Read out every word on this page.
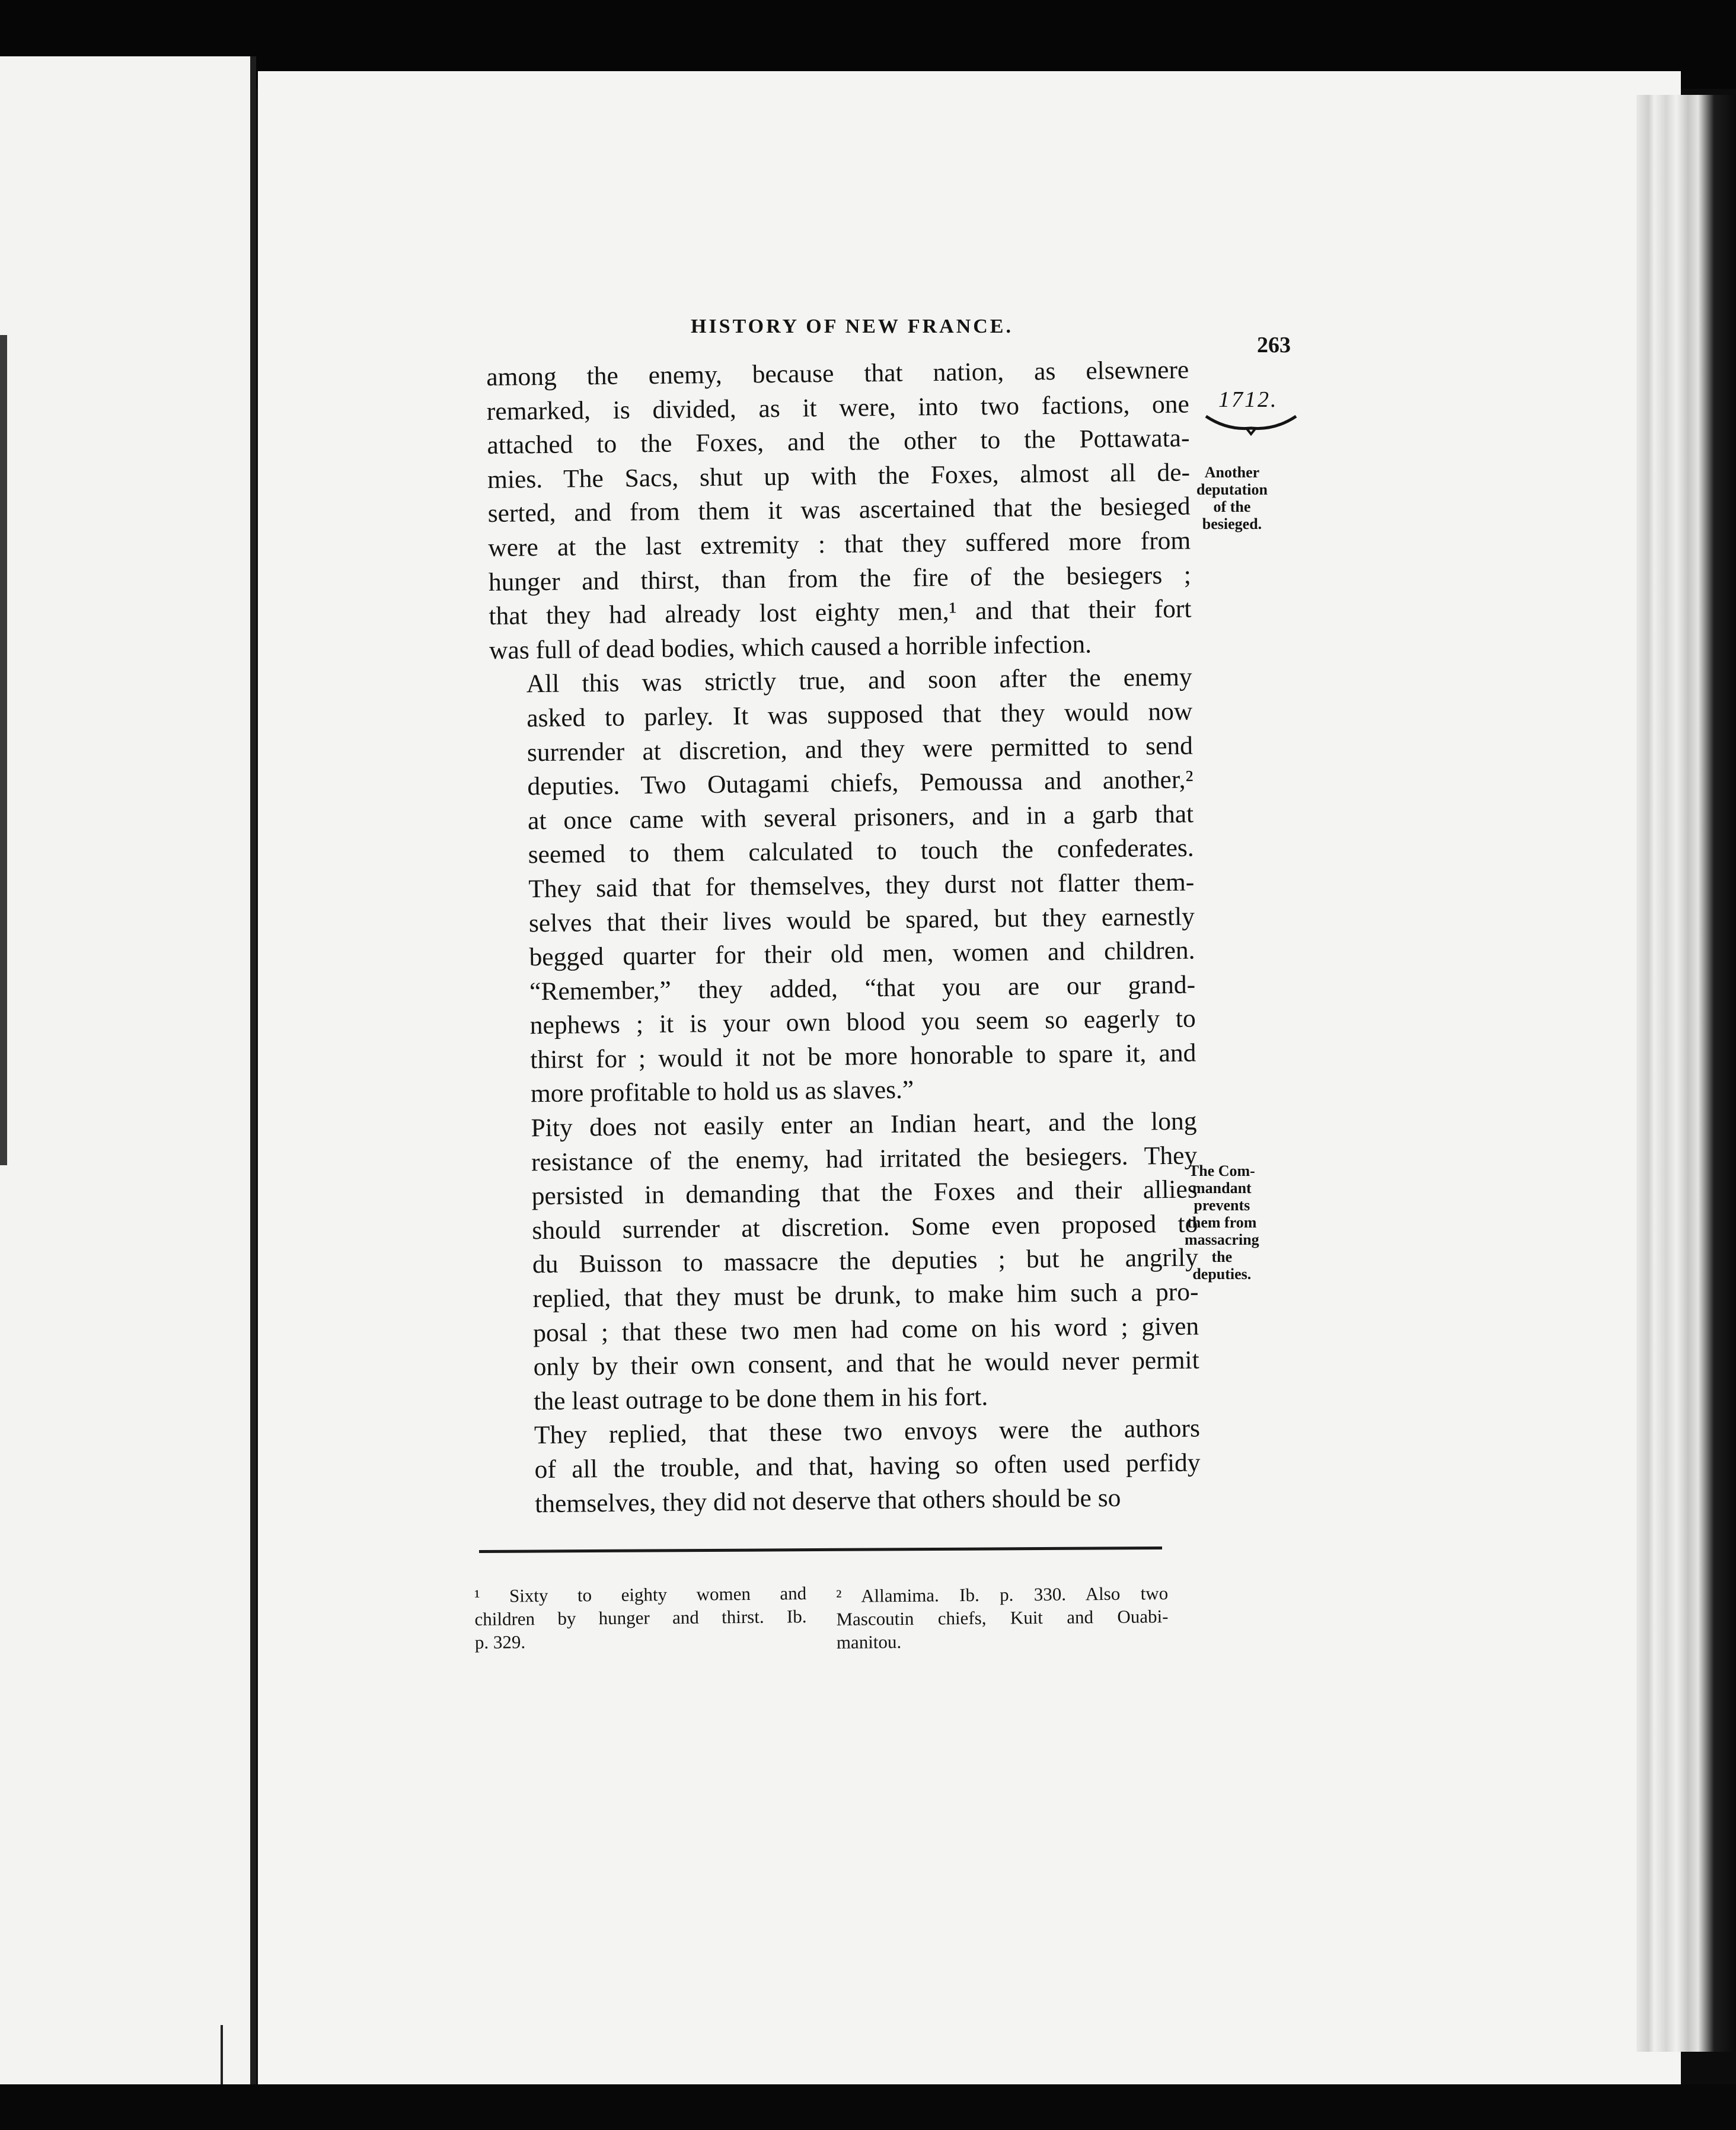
HISTORY OF NEW FRANCE.
263
1712.
Another
deputation
of the
besieged.
The Com-
mandant
prevents
them from
massacring
the
deputies.

among the enemy, because that nation, as elsewnere
remarked, is divided, as it were, into two factions, one
attached to the Foxes, and the other to the Pottawata-
mies. The Sacs, shut up with the Foxes, almost all de-
serted, and from them it was ascertained that the besieged
were at the last extremity : that they suffered more from
hunger and thirst, than from the fire of the besiegers ;
that they had already lost eighty men,¹ and that their fort
was full of dead bodies, which caused a horrible infection.

All this was strictly true, and soon after the enemy
asked to parley. It was supposed that they would now
surrender at discretion, and they were permitted to send
deputies. Two Outagami chiefs, Pemoussa and another,²
at once came with several prisoners, and in a garb that
seemed to them calculated to touch the confederates.
They said that for themselves, they durst not flatter them-
selves that their lives would be spared, but they earnestly
begged quarter for their old men, women and children.
“Remember,” they added, “that you are our grand-
nephews ; it is your own blood you seem so eagerly to
thirst for ; would it not be more honorable to spare it, and
more profitable to hold us as slaves.”

Pity does not easily enter an Indian heart, and the long
resistance of the enemy, had irritated the besiegers. They
persisted in demanding that the Foxes and their allies
should surrender at discretion. Some even proposed to
du Buisson to massacre the deputies ; but he angrily
replied, that they must be drunk, to make him such a pro-
posal ; that these two men had come on his word ; given
only by their own consent, and that he would never permit
the least outrage to be done them in his fort.

They replied, that these two envoys were the authors
of all the trouble, and that, having so often used perfidy
themselves, they did not deserve that others should be so

¹ Sixty to eighty women and
children by hunger and thirst. Ib.
p. 329.
² Allamima. Ib. p. 330. Also two
Mascoutin chiefs, Kuit and Ouabi-
manitou.
